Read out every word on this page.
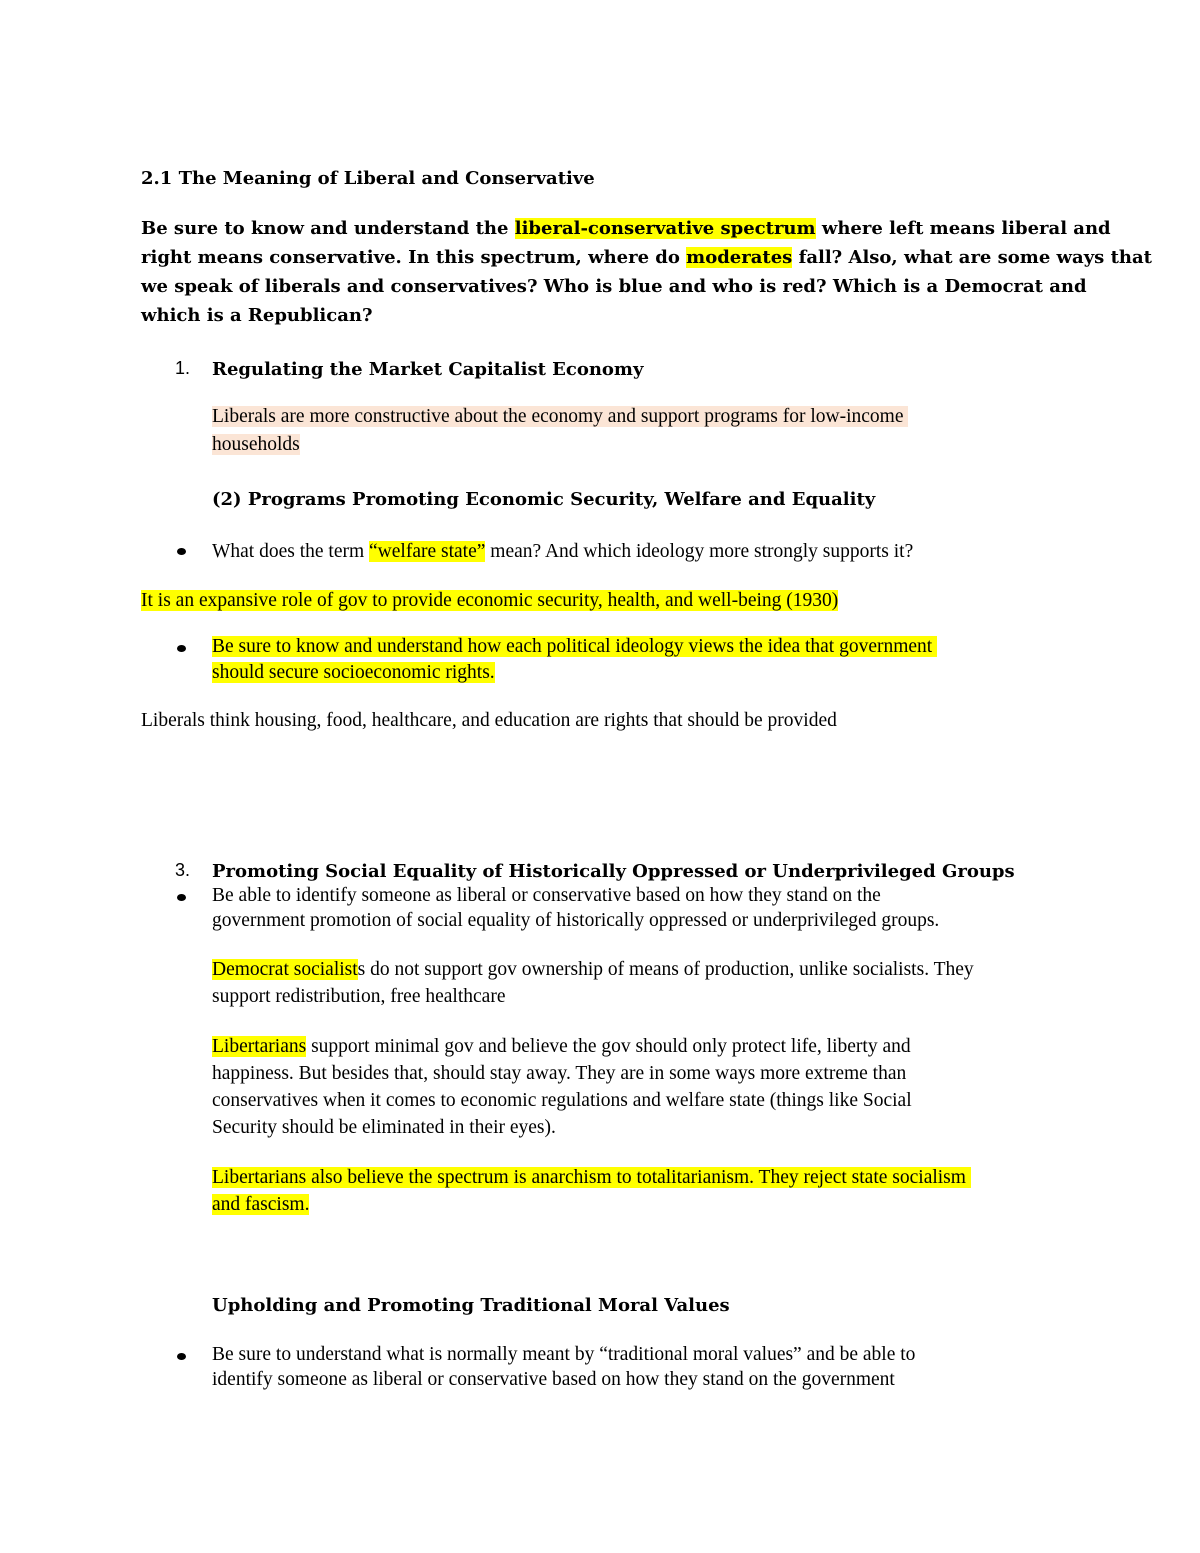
2.1 The Meaning of Liberal and Conservative

Be sure to know and understand the liberal-conservative spectrum where left means liberal and

right means conservative. In this spectrum, where do moderates fall? Also, what are some ways that

we speak of liberals and conservatives? Who is blue and who is red? Which is a Democrat and

which is a Republican?

1. Regulating the Market Capitalist Economy

Liberals are more constructive about the economy and support programs for low-income

households

(2) Programs Promoting Economic Security, Welfare and Equality
What does the term “welfare state” mean? And which ideology more strongly supports it?
It is an expansive role of gov to provide economic security, health, and well-being (1930)

Be sure to know and understand how each political ideology views the idea that government

should secure socioeconomic rights.

Liberals think housing, food, healthcare, and education are rights that should be provided
3. Promoting Social Equality of Historically Oppressed or Underprivileged Groups

Be able to identify someone as liberal or conservative based on how they stand on the

government promotion of social equality of historically oppressed or underprivileged groups.

Democrat socialists do not support gov ownership of means of production, unlike socialists. They

support redistribution, free healthcare

Libertarians support minimal gov and believe the gov should only protect life, liberty and

happiness. But besides that, should stay away. They are in some ways more extreme than

conservatives when it comes to economic regulations and welfare state (things like Social

Security should be eliminated in their eyes).

Libertarians also believe the spectrum is anarchism to totalitarianism. They reject state socialism

and fascism.

Upholding and Promoting Traditional Moral Values

Be sure to understand what is normally meant by “traditional moral values” and be able to

identify someone as liberal or conservative based on how they stand on the government
